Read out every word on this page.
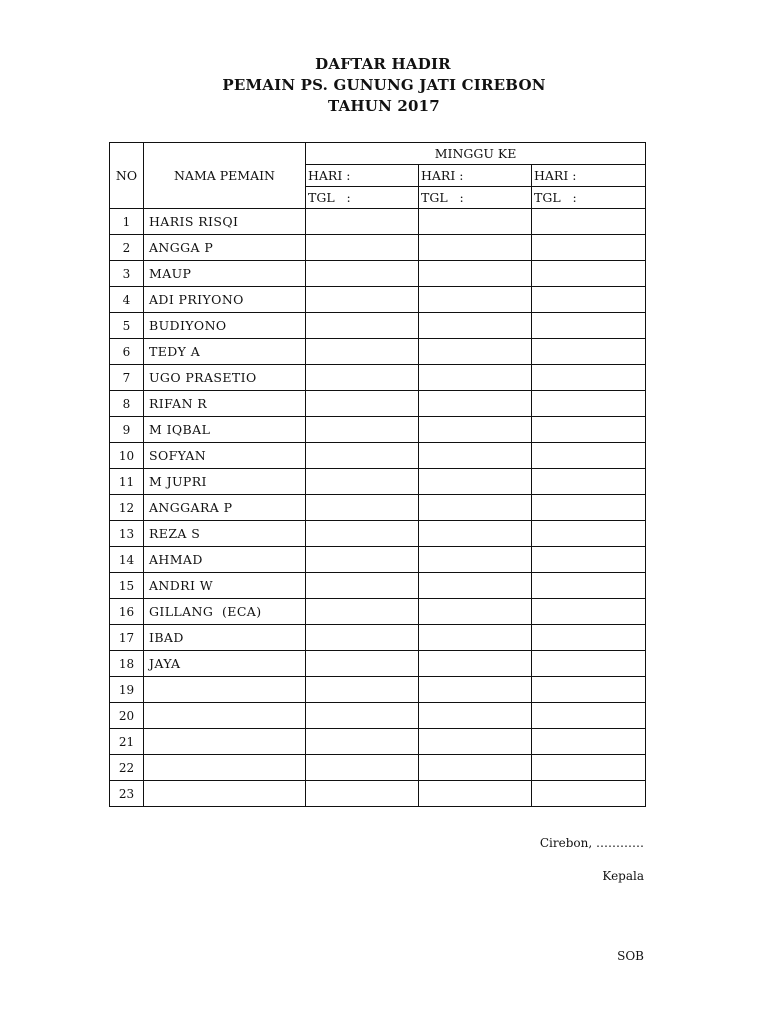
DAFTAR HADIR
PEMAIN PS. GUNUNG JATI CIREBON
TAHUN 2017
NO	NAMA PEMAIN	MINGGU KE		
		HARI :	HARI :	HARI :
		TGL   :	TGL   :	TGL   :
1	HARIS RISQI			
2	ANGGA P			
3	MAUP			
4	ADI PRIYONO			
5	BUDIYONO			
6	TEDY A			
7	UGO PRASETIO			
8	RIFAN R			
9	M IQBAL			
10	SOFYAN			
11	M JUPRI			
12	ANGGARA P			
13	REZA S			
14	AHMAD			
15	ANDRI W			
16	GILLANG  (ECA)			
17	IBAD			
18	JAYA			
19				
20				
21				
22				
23				
Cirebon, …………
Kepala
SOB
